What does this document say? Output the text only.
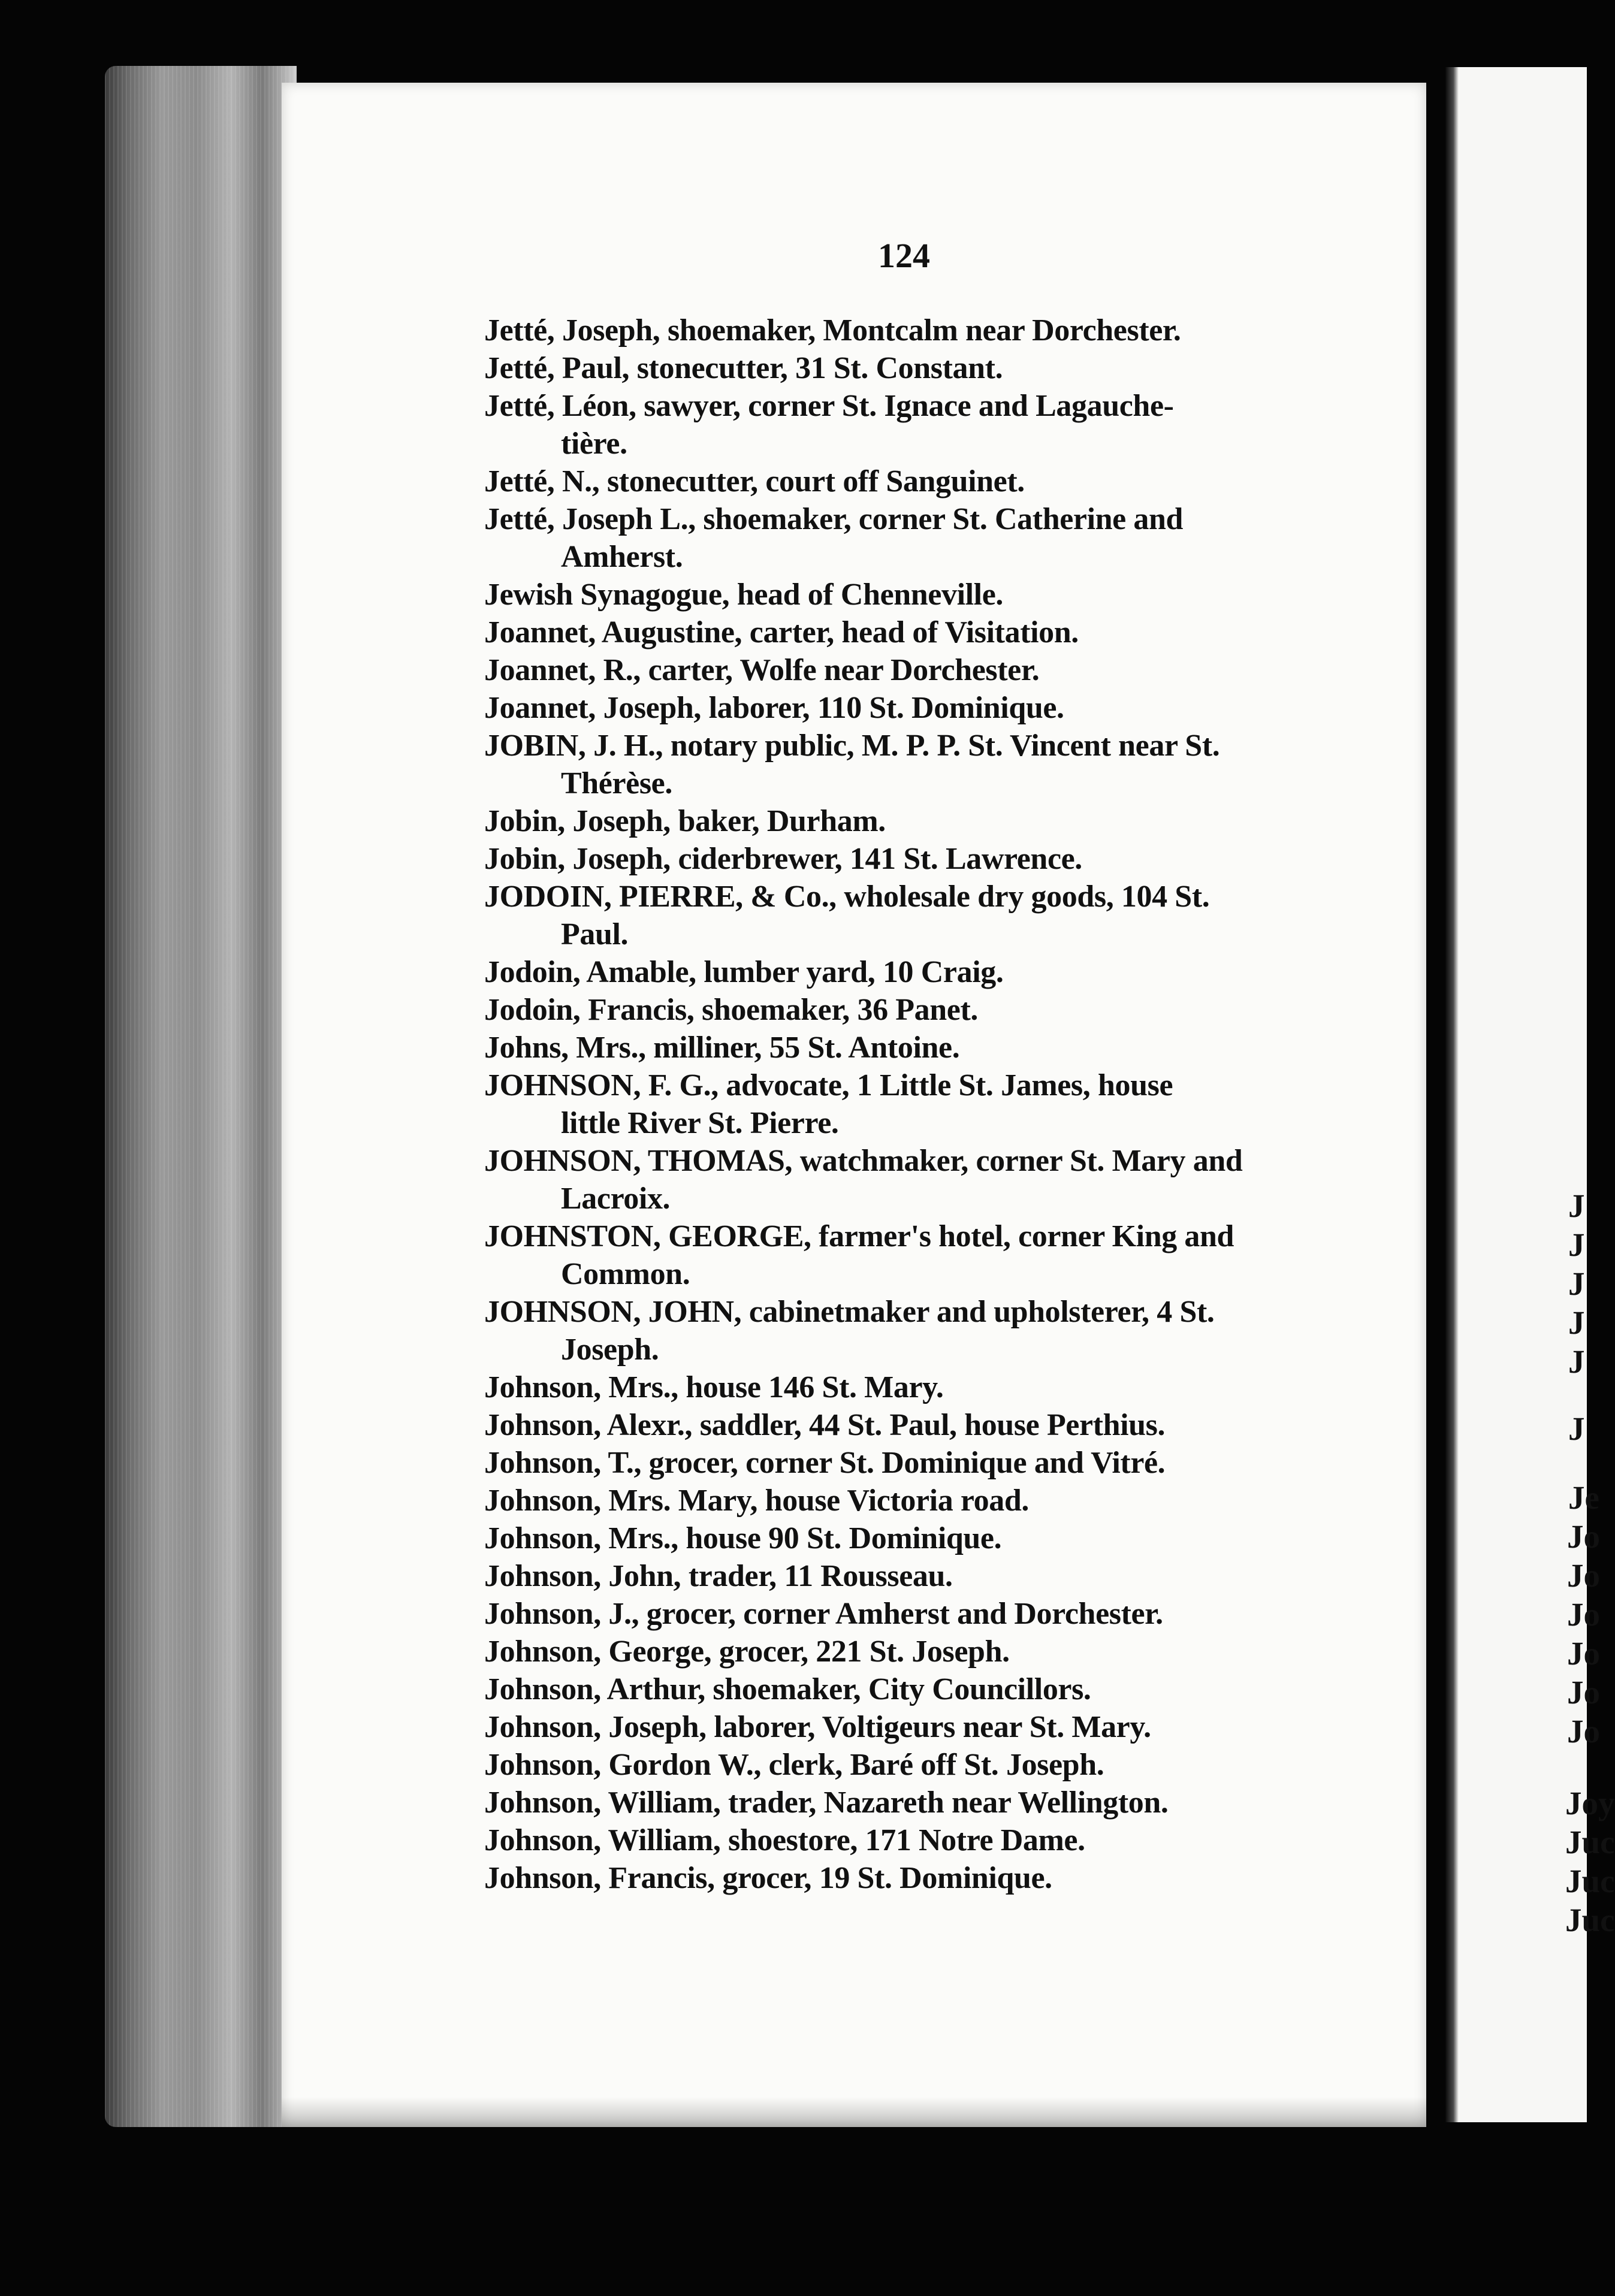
J
J
J
J
J
J
Je
Jo
Jo
Jo
Jo
Jo
Jo
Joy
Juc
Juc
Juc
124
Jetté, Joseph, shoemaker, Montcalm near Dorchester.
Jetté, Paul, stonecutter, 31 St. Constant.
Jetté, Léon, sawyer, corner St. Ignace and Lagauche-
tière.
Jetté, N., stonecutter, court off Sanguinet.
Jetté, Joseph L., shoemaker, corner St. Catherine and
Amherst.
Jewish Synagogue, head of Chenneville.
Joannet, Augustine, carter, head of Visitation.
Joannet, R., carter, Wolfe near Dorchester.
Joannet, Joseph, laborer, 110 St. Dominique.
JOBIN, J. H., notary public, M. P. P. St. Vincent near St.
Thérèse.
Jobin, Joseph, baker, Durham.
Jobin, Joseph, ciderbrewer, 141 St. Lawrence.
JODOIN, PIERRE, & Co., wholesale dry goods, 104 St.
Paul.
Jodoin, Amable, lumber yard, 10 Craig.
Jodoin, Francis, shoemaker, 36 Panet.
Johns, Mrs., milliner, 55 St. Antoine.
JOHNSON, F. G., advocate, 1 Little St. James, house
little River St. Pierre.
JOHNSON, THOMAS, watchmaker, corner St. Mary and
Lacroix.
JOHNSTON, GEORGE, farmer's hotel, corner King and
Common.
JOHNSON, JOHN, cabinetmaker and upholsterer, 4 St.
Joseph.
Johnson, Mrs., house 146 St. Mary.
Johnson, Alexr., saddler, 44 St. Paul, house Perthius.
Johnson, T., grocer, corner St. Dominique and Vitré.
Johnson, Mrs. Mary, house Victoria road.
Johnson, Mrs., house 90 St. Dominique.
Johnson, John, trader, 11 Rousseau.
Johnson, J., grocer, corner Amherst and Dorchester.
Johnson, George, grocer, 221 St. Joseph.
Johnson, Arthur, shoemaker, City Councillors.
Johnson, Joseph, laborer, Voltigeurs near St. Mary.
Johnson, Gordon W., clerk, Baré off St. Joseph.
Johnson, William, trader, Nazareth near Wellington.
Johnson, William, shoestore, 171 Notre Dame.
Johnson, Francis, grocer, 19 St. Dominique.
